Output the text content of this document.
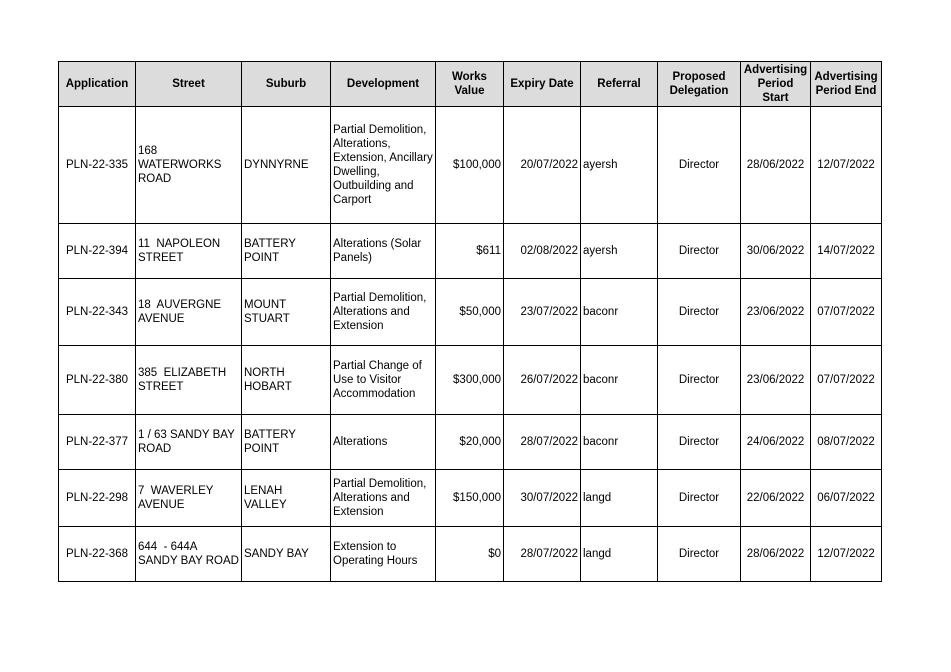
Application	Street	Suburb	Development	Works Value	Expiry Date	Referral	Proposed Delegation	Advertising Period Start	Advertising Period End
PLN-22-335	168 WATERWORKS ROAD	DYNNYRNE	Partial Demolition, Alterations, Extension, Ancillary Dwelling, Outbuilding and Carport	$100,000	20/07/2022	ayersh	Director	28/06/2022	12/07/2022
PLN-22-394	11  NAPOLEON STREET	BATTERY POINT	Alterations (Solar Panels)	$611	02/08/2022	ayersh	Director	30/06/2022	14/07/2022
PLN-22-343	18  AUVERGNE AVENUE	MOUNT STUART	Partial Demolition, Alterations and Extension	$50,000	23/07/2022	baconr	Director	23/06/2022	07/07/2022
PLN-22-380	385  ELIZABETH STREET	NORTH HOBART	Partial Change of Use to Visitor Accommodation	$300,000	26/07/2022	baconr	Director	23/06/2022	07/07/2022
PLN-22-377	1 / 63 SANDY BAY ROAD	BATTERY POINT	Alterations	$20,000	28/07/2022	baconr	Director	24/06/2022	08/07/2022
PLN-22-298	7  WAVERLEY AVENUE	LENAH VALLEY	Partial Demolition, Alterations and Extension	$150,000	30/07/2022	langd	Director	22/06/2022	06/07/2022
PLN-22-368	644  - 644A SANDY BAY ROAD	SANDY BAY	Extension to Operating Hours	$0	28/07/2022	langd	Director	28/06/2022	12/07/2022
